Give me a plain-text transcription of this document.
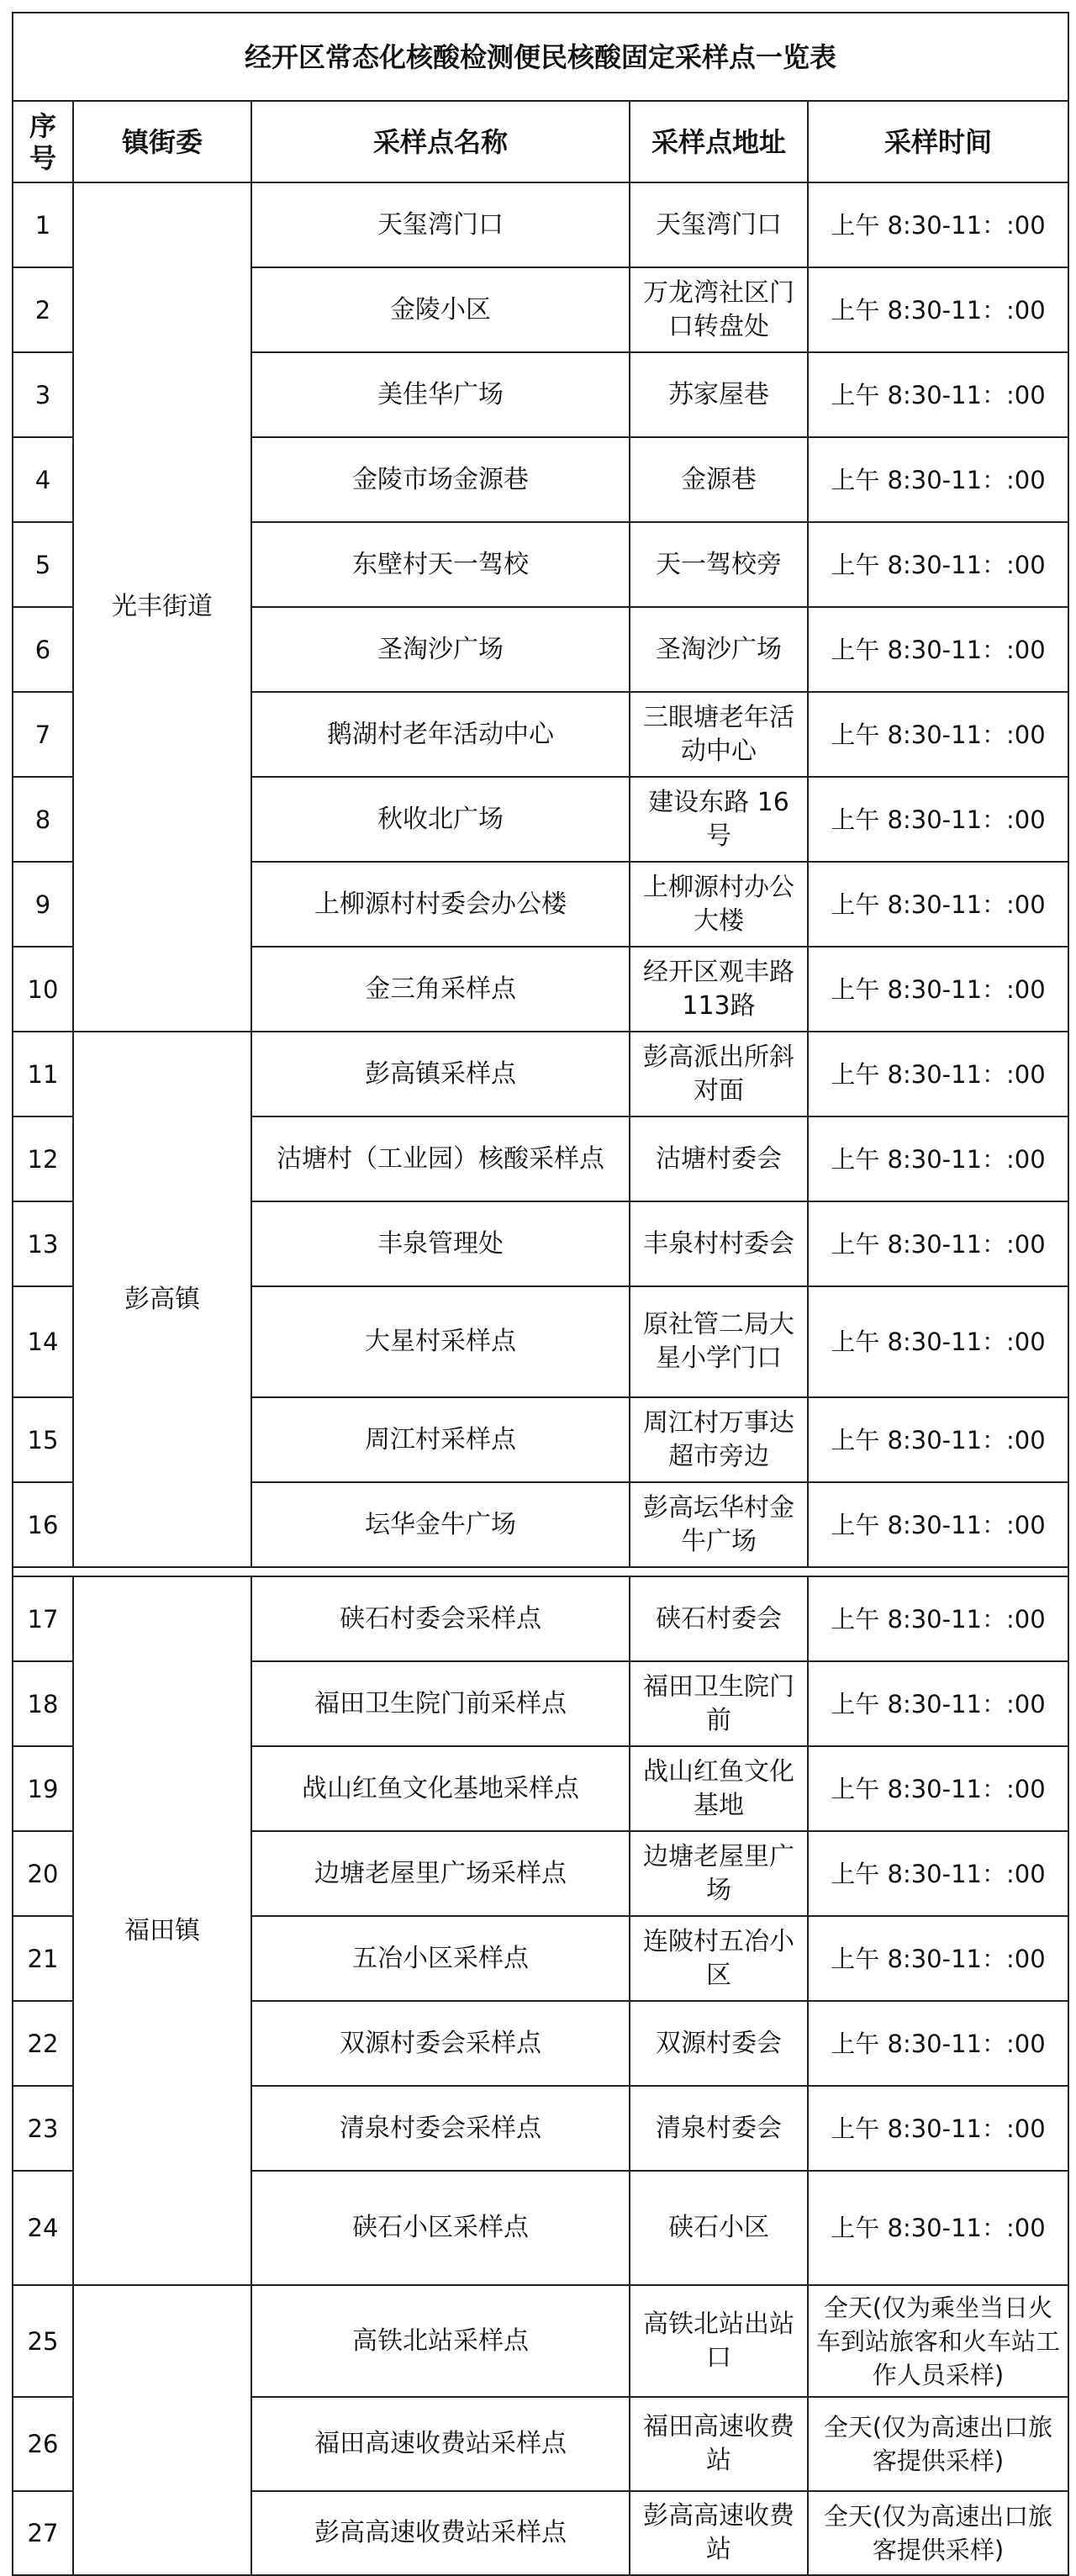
经开区常态化核酸检测便民核酸固定采样点一览表				
序号	镇街委	采样点名称	采样点地址	采样时间
1	光丰街道	天玺湾门口	天玺湾门口	上午 8:30-11：:00
2		金陵小区	万龙湾社区门口转盘处	上午 8:30-11：:00
3		美佳华广场	苏家屋巷	上午 8:30-11：:00
4		金陵市场金源巷	金源巷	上午 8:30-11：:00
5		东壁村天一驾校	天一驾校旁	上午 8:30-11：:00
6		圣淘沙广场	圣淘沙广场	上午 8:30-11：:00
7		鹅湖村老年活动中心	三眼塘老年活动中心	上午 8:30-11：:00
8		秋收北广场	建设东路 16 号	上午 8:30-11：:00
9		上柳源村村委会办公楼	上柳源村办公大楼	上午 8:30-11：:00
10		金三角采样点	经开区观丰路 113路	上午 8:30-11：:00
11	彭高镇	彭高镇采样点	彭高派出所斜对面	上午 8:30-11：:00
12		沽塘村（工业园）核酸采样点	沽塘村委会	上午 8:30-11：:00
13		丰泉管理处	丰泉村村委会	上午 8:30-11：:00
14		大星村采样点	原社管二局大星小学门口	上午 8:30-11：:00
15		周江村采样点	周江村万事达超市旁边	上午 8:30-11：:00
16		坛华金牛广场	彭高坛华村金牛广场	上午 8:30-11：:00

17	福田镇	硖石村委会采样点	硖石村委会	上午 8:30-11：:00
18		福田卫生院门前采样点	福田卫生院门前	上午 8:30-11：:00
19		战山红鱼文化基地采样点	战山红鱼文化基地	上午 8:30-11：:00
20		边塘老屋里广场采样点	边塘老屋里广场	上午 8:30-11：:00
21		五冶小区采样点	连陂村五冶小区	上午 8:30-11：:00
22		双源村委会采样点	双源村委会	上午 8:30-11：:00
23		清泉村委会采样点	清泉村委会	上午 8:30-11：:00
24		硖石小区采样点	硖石小区	上午 8:30-11：:00
25		高铁北站采样点	高铁北站出站口	全天(仅为乘坐当日火车到站旅客和火车站工作人员采样)
26		福田高速收费站采样点	福田高速收费站	全天(仅为高速出口旅客提供采样)
27		彭高高速收费站采样点	彭高高速收费站	全天(仅为高速出口旅客提供采样)
